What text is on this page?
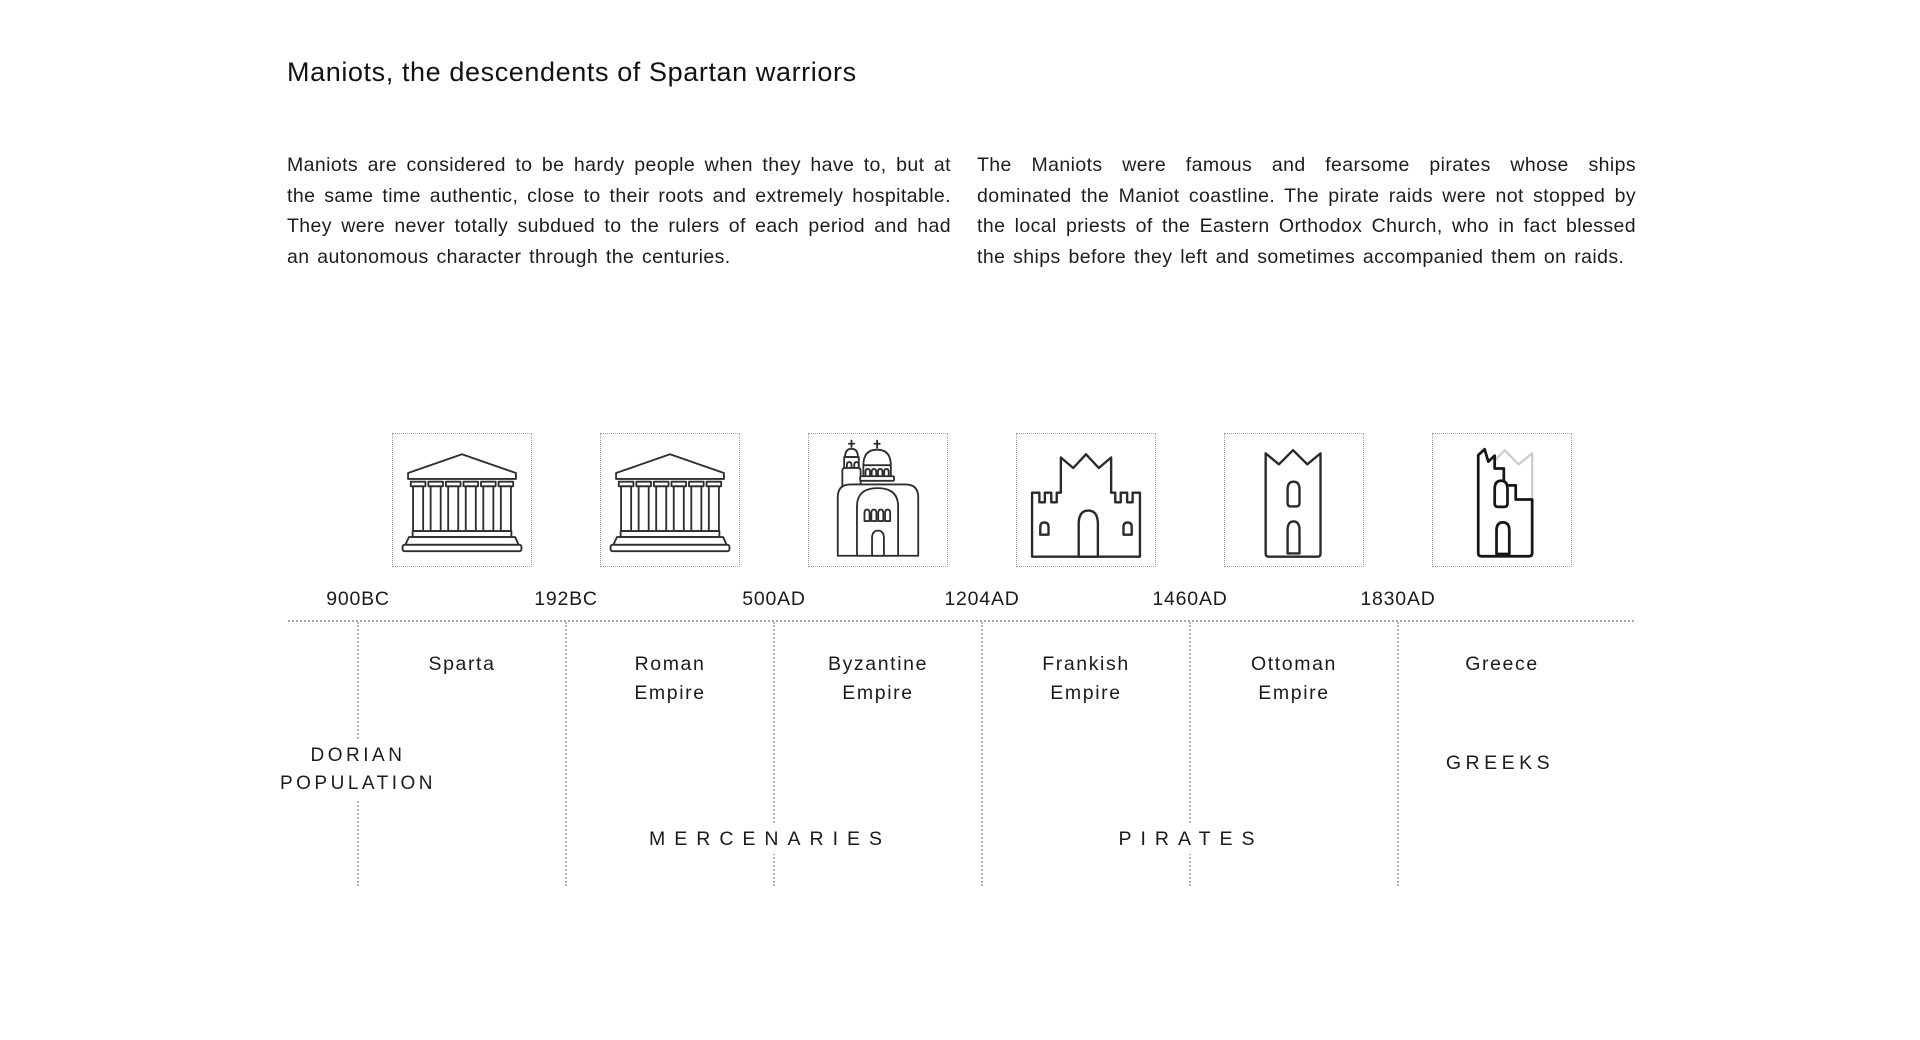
Maniots, the descendents of Spartan warriors
Maniots are considered to be hardy people when they have to, but at the same time authentic, close to their roots and extremely hospitable. They were never totally subdued to the rulers of each period and had an autonomous character through the centuries.
The Maniots were famous and fearsome pirates whose ships dominated the Maniot coastline. The pirate raids were not stopped by the local priests of the Eastern Orthodox Church, who in fact blessed the ships before they left and sometimes accompanied them on raids.
900BC	192BC	500AD	1204AD	1460AD	1830AD
Sparta	Roman
Empire
Byzantine
Empire
Frankish
Empire
Ottoman
Empire
Greece
DORIAN
POPULATION
GREEKS
MERCENARIES	PIRATES
